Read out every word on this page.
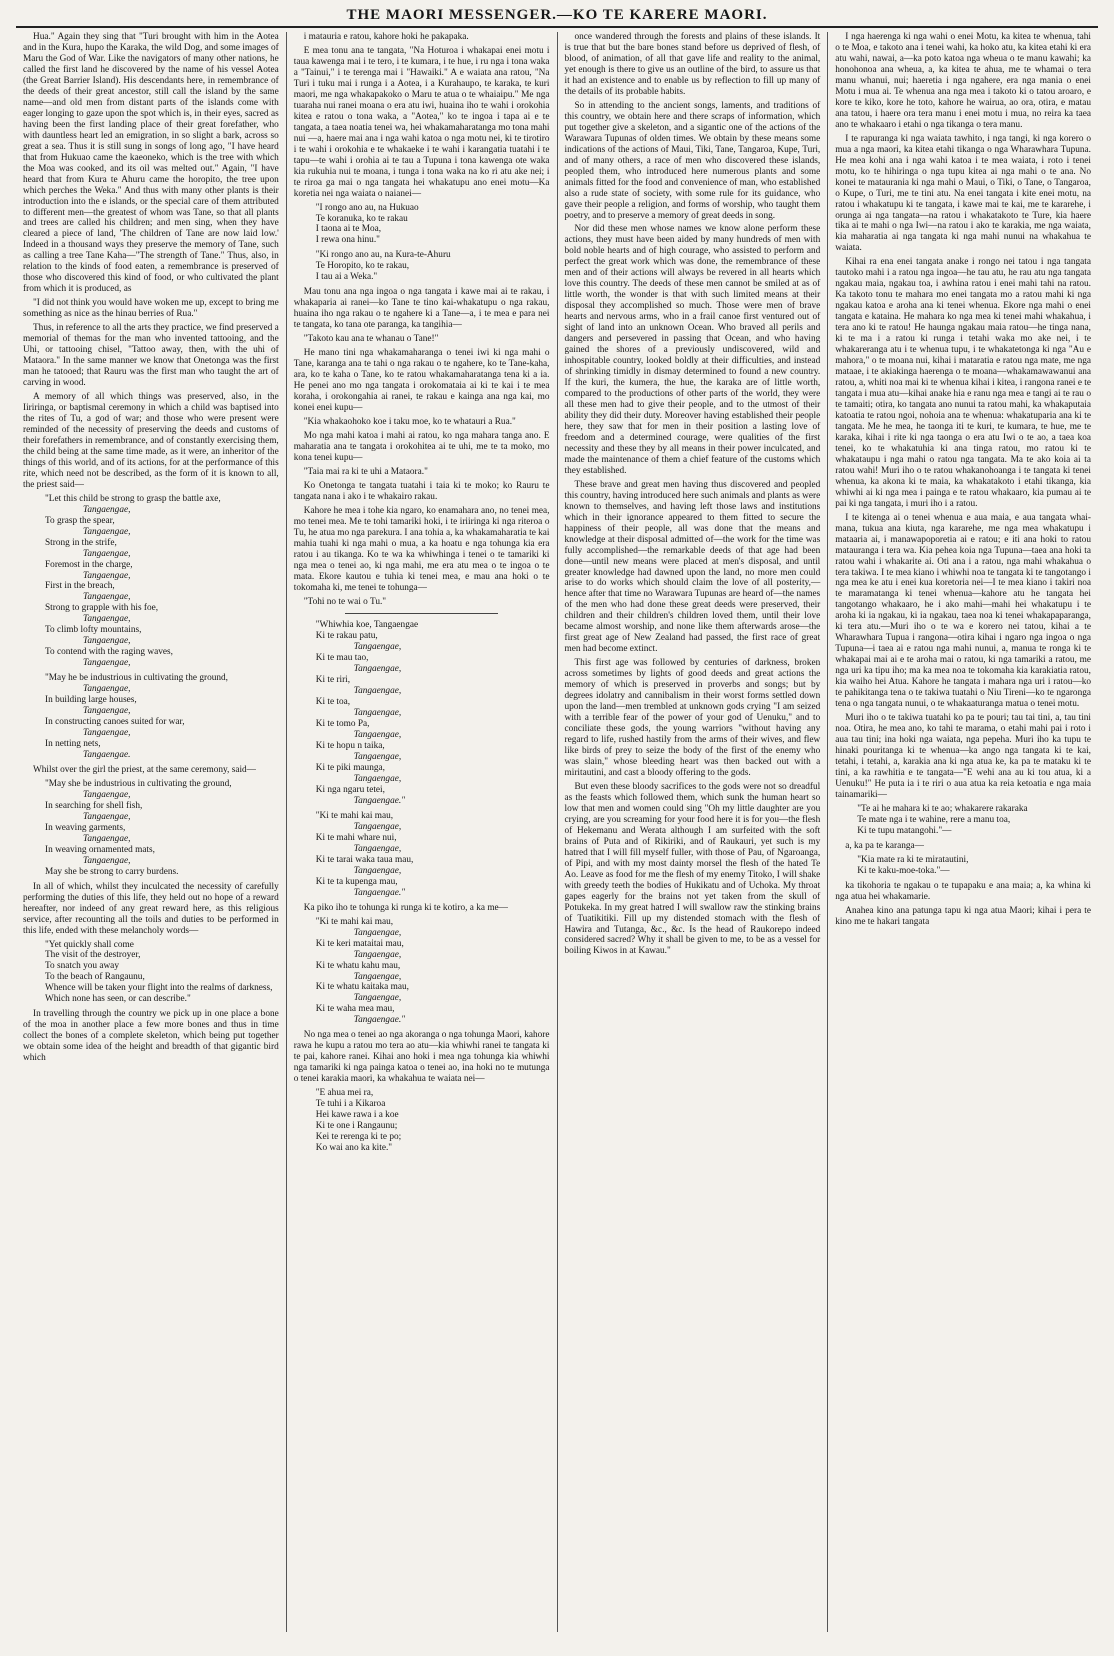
THE MAORI MESSENGER.—KO TE KARERE MAORI.

Hua." Again they sing that "Turi brought with him in the Aotea and in the Kura, hupo the Karaka, the wild Dog, and some images of Maru the God of War. Like the navigators of many other nations, he called the first land he discovered by the name of his vessel Aotea (the Great Barrier Island). His descendants here, in remembrance of the deeds of their great ancestor, still call the island by the same name—and old men from distant parts of the islands come with eager longing to gaze upon the spot which is, in their eyes, sacred as having been the first landing place of their great forefather, who with dauntless heart led an emigration, in so slight a bark, across so great a sea. Thus it is still sung in songs of long ago, "I have heard that from Hukuao came the kaeoneko, which is the tree with which the Moa was cooked, and its oil was melted out." Again, "I have heard that from Kura te Ahuru came the horopito, the tree upon which perches the Weka." And thus with many other plants is their introduction into the e islands, or the special care of them attributed to different men—the greatest of whom was Tane, so that all plants and trees are called his children; and men sing, when they have cleared a piece of land, 'The children of Tane are now laid low.' Indeed in a thousand ways they preserve the memory of Tane, such as calling a tree Tane Kaha—"The strength of Tane." Thus, also, in relation to the kinds of food eaten, a remembrance is preserved of those who discovered this kind of food, or who cultivated the plant from which it is produced, as

"I did not think you would have woken me up, except to bring me something as nice as the hinau berries of Rua."

Thus, in reference to all the arts they practice, we find preserved a memorial of themas for the man who invented tattooing, and the Uhi, or tattooing chisel, "Tattoo away, then, with the uhi of Mataora." In the same manner we know that Onetonga was the first man he tatooed; that Rauru was the first man who taught the art of carving in wood.

A memory of all which things was preserved, also, in the Iiriringa, or baptismal ceremony in which a child was baptised into the rites of Tu, a god of war; and those who were present were reminded of the necessity of preserving the deeds and customs of their forefathers in remembrance, and of constantly exercising them, the child being at the same time made, as it were, an inheritor of the things of this world, and of its actions, for at the performance of this rite, which need not be described, as the form of it is known to all, the priest said—

"Let this child be strong to grasp the battle axe,
Tangaengae,
To grasp the spear,
Tangaengae,
Strong in the strife,
Tangaengae,
Foremost in the charge,
Tangaengae,
First in the breach,
Tangaengae,
Strong to grapple with his foe,
Tangaengae,
To climb lofty mountains,
Tangaengae,
To contend with the raging waves,
Tangaengae,
"May he be industrious in cultivating the ground,
Tangaengae,
In building large houses,
Tangaengae,
In constructing canoes suited for war,
Tangaengae,
In netting nets,
Tangaengae.

Whilst over the girl the priest, at the same ceremony, said—

"May she be industrious in cultivating the ground,
Tangaengae,
In searching for shell fish,
Tangaengae,
In weaving garments,
Tangaengae,
In weaving ornamented mats,
Tangaengae,
May she be strong to carry burdens.

In all of which, whilst they inculcated the necessity of carefully performing the duties of this life, they held out no hope of a reward hereafter, nor indeed of any great reward here, as this religious service, after recounting all the toils and duties to be performed in this life, ended with these melancholy words—

"Yet quickly shall come
The visit of the destroyer,
To snatch you away
To the beach of Rangaunu,
Whence will be taken your flight into the realms of darkness,
Which none has seen, or can describe."

In travelling through the country we pick up in one place a bone of the moa in another place a few more bones and thus in time collect the bones of a complete skeleton, which being put together we obtain some idea of the height and breadth of that gigantic bird which

i matauria e ratou, kahore hoki he pakapaka.

E mea tonu ana te tangata, "Na Hoturoa i whakapai enei motu i taua kawenga mai i te tero, i te kumara, i te hue, i ru nga i tona waka a "Tainui," i te terenga mai i "Hawaiki." A e waiata ana ratou, "Na Turi i tuku mai i runga i a Aotea, i a Kurahaupo, te karaka, te kuri maori, me nga whakapakoko o Maru te atua o te whaiaipu." Me nga tuaraha nui ranei moana o era atu iwi, huaina iho te wahi i orokohia kitea e ratou o tona waka, a "Aotea," ko te ingoa i tapa ai e te tangata, a taea noatia tenei wa, hei whakamaharatanga mo tona mahi nui —a, haere mai ana i nga wahi katoa o nga motu nei, ki te tirotiro i te wahi i orokohia e te whakaeke i te wahi i karangatia tuatahi i te tapu—te wahi i orohia ai te tau a Tupuna i tona kawenga ote waka kia rukuhia nui te moana, i tunga i tona waka na ko ri atu ake nei; i te riroa ga mai o nga tangata hei whakatupu ano enei motu—Ka koretia nei nga waiata o naianei—

"I rongo ano au, na Hukuao
Te koranuka, ko te rakau
I taona ai te Moa,
I rewa ona hinu."
"Ki rongo ano au, na Kura-te-Ahuru
Te Horopito, ko te rakau,
I tau ai a Weka."

Mau tonu ana nga ingoa o nga tangata i kawe mai ai te rakau, i whakaparia ai ranei—ko Tane te tino kai-whakatupu o nga rakau, huaina iho nga rakau o te ngahere ki a Tane—a, i te mea e para nei te tangata, ko tana ote paranga, ka tangihia—

"Takoto kau ana te whanau o Tane!"

He mano tini nga whakamaharanga o tenei iwi ki nga mahi o Tane, karanga ana te tahi o nga rakau o te ngahere, ko te Tane-kaha, ara, ko te kaha o Tane, ko te ratou whakamaharatanga tena ki a ia. He penei ano mo nga tangata i orokomataia ai ki te kai i te mea koraha, i orokongahia ai ranei, te rakau e kainga ana nga kai, mo konei enei kupu—

"Kia whakaohoko koe i taku moe, ko te whatauri a Rua."

Mo nga mahi katoa i mahi ai ratou, ko nga mahara tanga ano. E maharatia ana te tangata i orokohitea ai te uhi, me te ta moko, mo kona tenei kupu—

"Taia mai ra ki te uhi a Mataora."

Ko Onetonga te tangata tuatahi i taia ki te moko; ko Rauru te tangata nana i ako i te whakairo rakau.

Kahore he mea i tohe kia ngaro, ko enamahara ano, no tenei mea, mo tenei mea. Me te tohi tamariki hoki, i te iriiringa ki nga riteroa o Tu, he atua mo nga parekura. I ana tohia a, ka whakamaharatia te kai mahia tuahi ki nga mahi o mua, a ka hoatu e nga tohunga kia era ratou i au tikanga. Ko te wa ka whiwhinga i tenei o te tamariki ki nga mea o tenei ao, ki nga mahi, me era atu mea o te ingoa o te mata. Ekore kautou e tuhia ki tenei mea, e mau ana hoki o te tokomaha ki, me tenei te tohunga—

"Tohi no te wai o Tu."

"Whiwhia koe, Tangaengae
Ki te rakau patu,
Tangaengae,
Ki te mau tao,
Tangaengae,
Ki te riri,
Tangaengae,
Ki te toa,
Tangaengae,
Ki te tomo Pa,
Tangaengae,
Ki te hopu n taika,
Tangaengae,
Ki te piki maunga,
Tangaengae,
Ki nga ngaru tetei,
Tangaengae."
"Ki te mahi kai mau,
Tangaengae,
Ki te mahi whare nui,
Tangaengae,
Ki te tarai waka taua mau,
Tangaengae,
Ki te ta kupenga mau,
Tangaengae."

Ka piko iho te tohunga ki runga ki te kotiro, a ka me—

"Ki te mahi kai mau,
Tangaengae,
Ki te keri mataitai mau,
Tangaengae,
Ki te whatu kahu mau,
Tangaengae,
Ki te whatu kaitaka mau,
Tangaengae,
Ki te waha mea mau,
Tangaengae."

No nga mea o tenei ao nga akoranga o nga tohunga Maori, kahore rawa he kupu a ratou mo tera ao atu—kia whiwhi ranei te tangata ki te pai, kahore ranei. Kihai ano hoki i mea nga tohunga kia whiwhi nga tamariki ki nga painga katoa o tenei ao, ina hoki no te mutunga o tenei karakia maori, ka whakahua te waiata nei—

"E ahua mei ra,
Te tuhi i a Kikaroa
Hei kawe rawa i a koe
Ki te one i Rangaunu;
Kei te rerenga ki te po;
Ko wai ano ka kite."

once wandered through the forests and plains of these islands. It is true that but the bare bones stand before us deprived of flesh, of blood, of animation, of all that gave life and reality to the animal, yet enough is there to give us an outline of the bird, to assure us that it had an existence and to enable us by reflection to fill up many of the details of its probable habits.

So in attending to the ancient songs, laments, and traditions of this country, we obtain here and there scraps of information, which put together give a skeleton, and a sigantic one of the actions of the Warawara Tupunas of olden times. We obtain by these means some indications of the actions of Maui, Tiki, Tane, Tangaroa, Kupe, Turi, and of many others, a race of men who discovered these islands, peopled them, who introduced here numerous plants and some animals fitted for the food and convenience of man, who established also a rude state of society, with some rule for its guidance, who gave their people a religion, and forms of worship, who taught them poetry, and to preserve a memory of great deeds in song.

Nor did these men whose names we know alone perform these actions, they must have been aided by many hundreds of men with bold noble hearts and of high courage, who assisted to perform and perfect the great work which was done, the remembrance of these men and of their actions will always be revered in all hearts which love this country. The deeds of these men cannot be smiled at as of little worth, the wonder is that with such limited means at their disposal they accomplished so much. Those were men of brave hearts and nervous arms, who in a frail canoe first ventured out of sight of land into an unknown Ocean. Who braved all perils and dangers and persevered in passing that Ocean, and who having gained the shores of a previously undiscovered, wild and inhospitable country, looked boldly at their difficulties, and instead of shrinking timidly in dismay determined to found a new country. If the kuri, the kumera, the hue, the karaka are of little worth, compared to the productions of other parts of the world, they were all these men had to give their people, and to the utmost of their ability they did their duty. Moreover having established their people here, they saw that for men in their position a lasting love of freedom and a determined courage, were qualities of the first necessity and these they by all means in their power inculcated, and made the maintenance of them a chief feature of the customs which they established.

These brave and great men having thus discovered and peopled this country, having introduced here such animals and plants as were known to themselves, and having left those laws and institutions which in their ignorance appeared to them fitted to secure the happiness of their people, all was done that the means and knowledge at their disposal admitted of—the work for the time was fully accomplished—the remarkable deeds of that age had been done—until new means were placed at men's disposal, and until greater knowledge had dawned upon the land, no more men could arise to do works which should claim the love of all posterity,—hence after that time no Warawara Tupunas are heard of—the names of the men who had done these great deeds were preserved, their children and their children's children loved them, until their love became almost worship, and none like them afterwards arose—the first great age of New Zealand had passed, the first race of great men had become extinct.

This first age was followed by centuries of darkness, broken across sometimes by lights of good deeds and great actions the memory of which is preserved in proverbs and songs; but by degrees idolatry and cannibalism in their worst forms settled down upon the land—men trembled at unknown gods crying "I am seized with a terrible fear of the power of your god of Uenuku," and to conciliate these gods, the young warriors "without having any regard to life, rushed hastily from the arms of their wives, and flew like birds of prey to seize the body of the first of the enemy who was slain," whose bleeding heart was then backed out with a miritautini, and cast a bloody offering to the gods.

But even these bloody sacrifices to the gods were not so dreadful as the feasts which followed them, which sunk the human heart so low that men and women could sing "Oh my little daughter are you crying, are you screaming for your food here it is for you—the flesh of Hekemanu and Werata although I am surfeited with the soft brains of Puta and of Rikiriki, and of Raukauri, yet such is my hatred that I will fill myself fuller, with those of Pau, of Ngaroanga, of Pipi, and with my most dainty morsel the flesh of the hated Te Ao. Leave as food for me the flesh of my enemy Titoko, I will shake with greedy teeth the bodies of Hukikatu and of Uchoka. My throat gapes eagerly for the brains not yet taken from the skull of Potukeka. In my great hatred I will swallow raw the stinking brains of Tuatikitiki. Fill up my distended stomach with the flesh of Hawira and Tutanga, &c., &c. Is the head of Raukorepo indeed considered sacred? Why it shall be given to me, to be as a vessel for boiling Kiwos in at Kawau."

I nga haerenga ki nga wahi o enei Motu, ka kitea te whenua, tahi o te Moa, e takoto ana i tenei wahi, ka hoko atu, ka kitea etahi ki era atu wahi, nawai, a—ka poto katoa nga wheua o te manu kawahi; ka honohonoa ana wheua, a, ka kitea te ahua, me te whamai o tera manu whanui, nui; haeretia i nga ngahere, era nga mania o enei Motu i mua ai. Te whenua ana nga mea i takoto ki o tatou aroaro, e kore te kiko, kore he toto, kahore he wairua, ao ora, otira, e matau ana tatou, i haere ora tera manu i enei motu i mua, no reira ka taea ano te whakaaro i etahi o nga tikanga o tera manu.

I te rapuranga ki nga waiata tawhito, i nga tangi, ki nga korero o mua a nga maori, ka kitea etahi tikanga o nga Wharawhara Tupuna. He mea kohi ana i nga wahi katoa i te mea waiata, i roto i tenei motu, ko te hihiringa o nga tupu kitea ai nga mahi o te ana. No konei te mataurania ki nga mahi o Maui, o Tiki, o Tane, o Tangaroa, o Kupe, o Turi, me te tini atu. Na enei tangata i kite enei motu, na ratou i whakatupu ki te tangata, i kawe mai te kai, me te kararehe, i orunga ai nga tangata—na ratou i whakatakoto te Ture, kia haere tika ai te mahi o nga Iwi—na ratou i ako te karakia, me nga waiata, kia maharatia ai nga tangata ki nga mahi nunui na whakahua te waiata.

Kihai ra ena enei tangata anake i rongo nei tatou i nga tangata tautoko mahi i a ratou nga ingoa—he tau atu, he rau atu nga tangata ngakau maia, ngakau toa, i awhina ratou i enei mahi tahi na ratou. Ka takoto tonu te mahara mo enei tangata mo a ratou mahi ki nga ngakau katoa e aroha ana ki tenei whenua. Ekore nga mahi o enei tangata e kataina. He mahara ko nga mea ki tenei mahi whakahua, i tera ano ki te ratou! He haunga ngakau maia ratou—he tinga nana, ki te ma i a ratou ki runga i tetahi waka mo ake nei, i te whakareranga atu i te whenua tupu, i te whakatetonga ki nga "Au e mahora," o te moana nui, kihai i mataratia e ratou nga mate, me nga mataae, i te akiakinga haerenga o te moana—whakamawawanui ana ratou, a, whiti noa mai ki te whenua kihai i kitea, i rangona ranei e te tangata i mua atu—kihai anake hia e ranu nga mea e tangi ai te rau o te tamaiti; otira, ko tangata ano nunui ta ratou mahi, ka whakaputaia katoatia te ratou ngoi, nohoia ana te whenua: whakatuparia ana ki te tangata. Me he mea, he taonga iti te kuri, te kumara, te hue, me te karaka, kihai i rite ki nga taonga o era atu Iwi o te ao, a taea koa tenei, ko te whakatuhia ki ana tinga ratou, mo ratou ki te whakataupu i nga mahi o ratou nga tangata. Ma te ako koia ai ta ratou wahi! Muri iho o te ratou whakanohoanga i te tangata ki tenei whenua, ka akona ki te maia, ka whakatakoto i etahi tikanga, kia whiwhi ai ki nga mea i painga e te ratou whakaaro, kia pumau ai te pai ki nga tangata, i muri iho i a ratou.

I te kitenga ai o tenei whenua e aua maia, e aua tangata whai-mana, tukua ana kiuta, nga kararehe, me nga mea whakatupu i mataaria ai, i manawapoporetia ai e ratou; e iti ana hoki to ratou matauranga i tera wa. Kia pehea koia nga Tupuna—taea ana hoki ta ratou wahi i whakarite ai. Oti ana i a ratou, nga mahi whakahua o tera takiwa. I te mea kiano i whiwhi noa te tangata ki te tangotango i nga mea ke atu i enei kua koretoria nei—I te mea kiano i takiri noa te maramatanga ki tenei whenua—kahore atu he tangata hei tangotango whakaaro, he i ako mahi—mahi hei whakatupu i te aroha ki ia ngakau, ki ia ngakau, taea noa ki tenei whakapaparanga, ki tera atu.—Muri iho o te wa e korero nei tatou, kihai a te Wharawhara Tupua i rangona—otira kihai i ngaro nga ingoa o nga Tupuna—i taea ai e ratou nga mahi nunui, a, manua te ronga ki te whakapai mai ai e te aroha mai o ratou, ki nga tamariki a ratou, me nga uri ka tipu iho; ma ka mea noa te tokomaha kia karakiatia ratou, kia waiho hei Atua. Kahore he tangata i mahara nga uri i ratou—ko te pahikitanga tena o te takiwa tuatahi o Niu Tireni—ko te ngaronga tena o nga tangata nunui, o te whakaaturanga matua o tenei motu.

Muri iho o te takiwa tuatahi ko pa te pouri; tau tai tini, a, tau tini noa. Otira, he mea ano, ko tahi te marama, o etahi mahi pai i roto i aua tau tini; ina hoki nga waiata, nga pepeha. Muri iho ka tupu te hinaki pouritanga ki te whenua—ka ango nga tangata ki te kai, tetahi, i tetahi, a, karakia ana ki nga atua ke, ka pa te mataku ki te tini, a ka rawhitia e te tangata—"E wehi ana au ki tou atua, ki a Uenuku!" He puta ia i te riri o aua atua ka reia ketoatia e nga maia tainamariki—

"Te ai he mahara ki te ao; whakarere rakaraka
Te mate nga i te wahine, rere a manu toa,
Ki te tupu matangohi."—

a, ka pa te karanga—

"Kia mate ra ki te miratautini,
Ki te kaku-moe-toka."—

ka tikohoria te ngakau o te tupapaku e ana maia; a, ka whina ki nga atua hei whakamarie.

Anahea kino ana patunga tapu ki nga atua Maori; kihai i pera te kino me te hakari tangata
